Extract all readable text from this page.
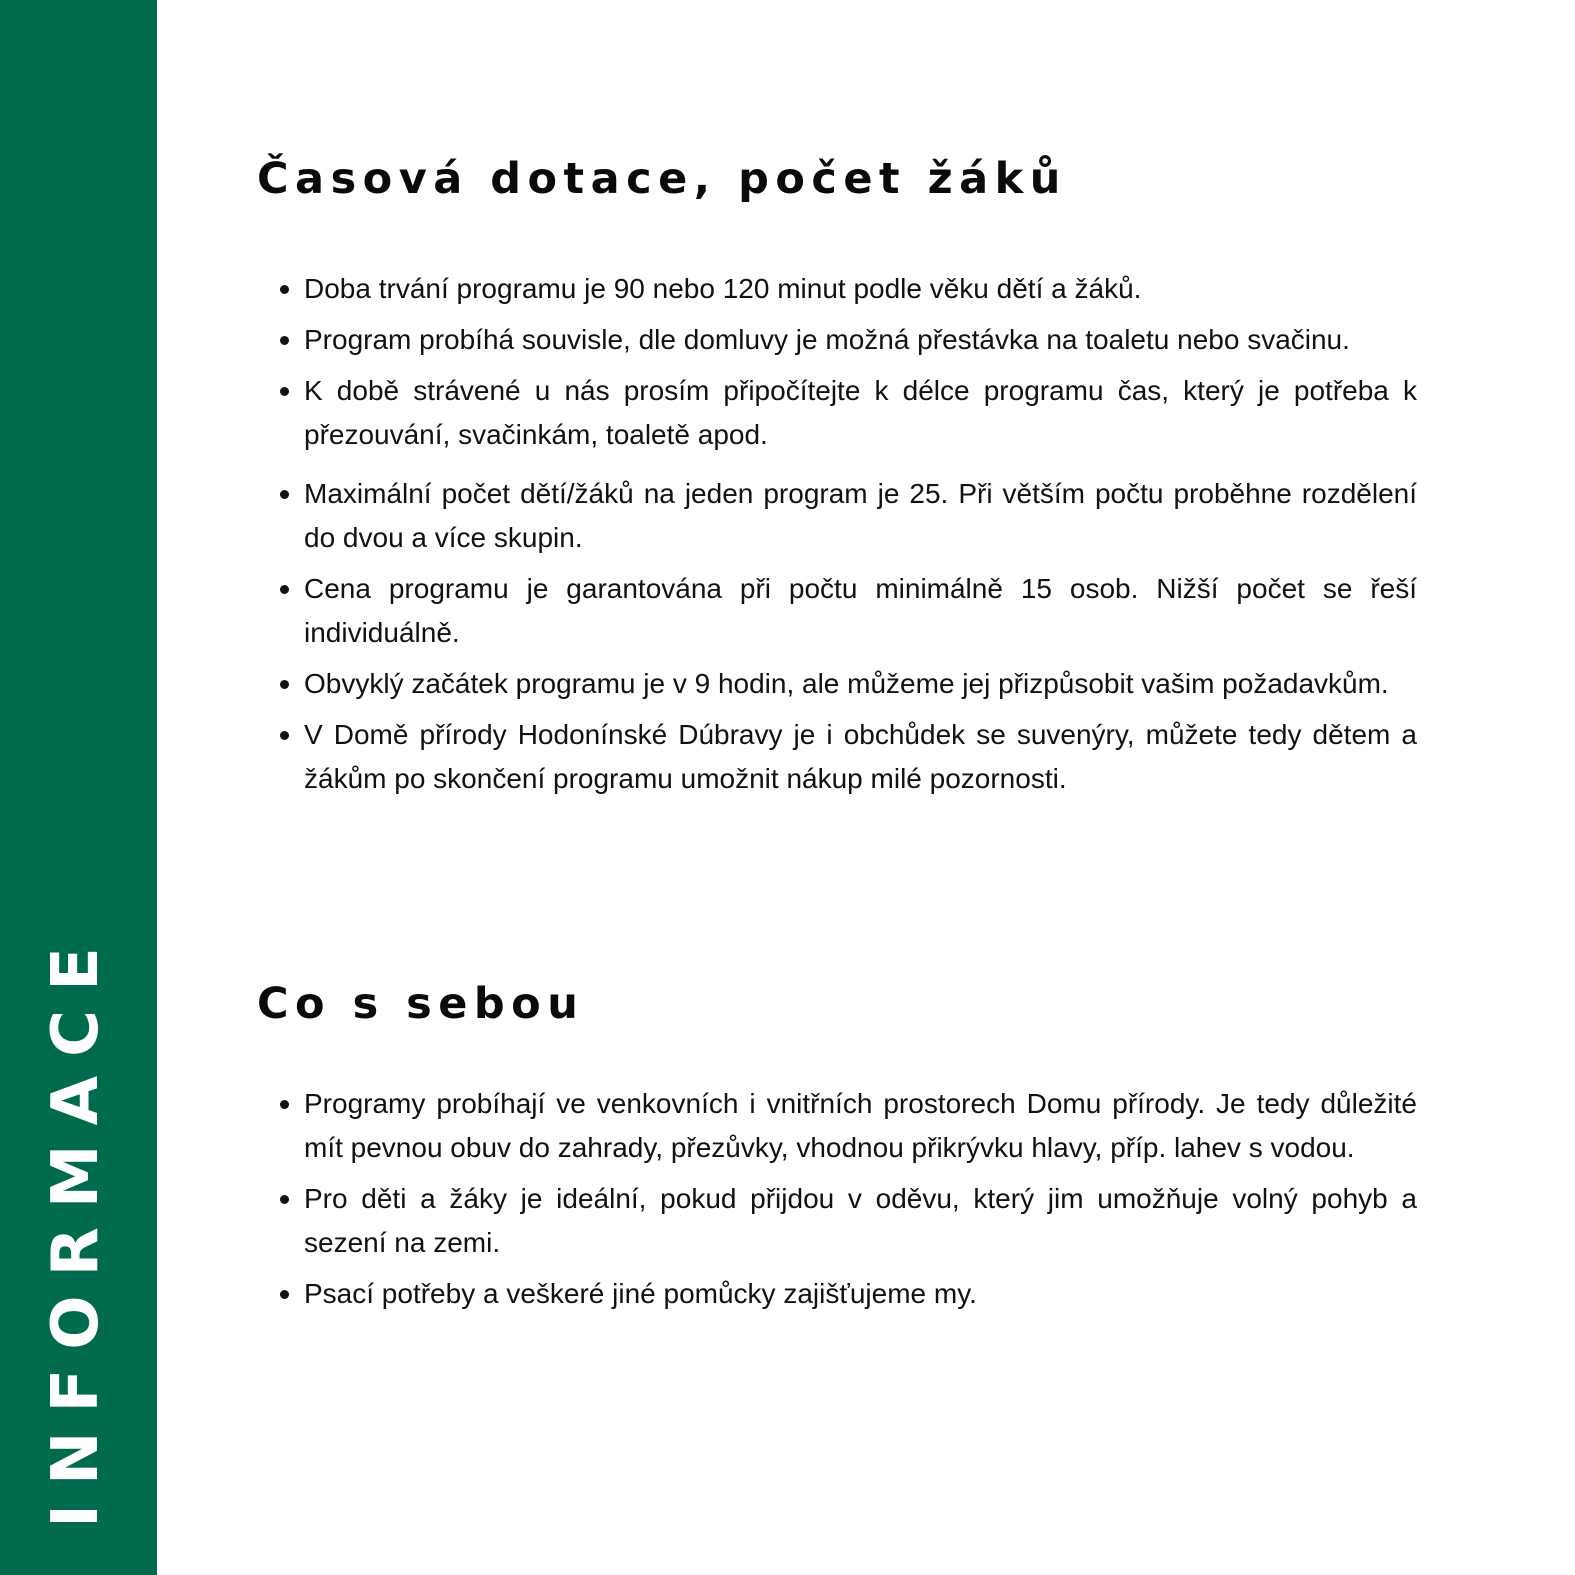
INFORMACE
Časová dotace, počet žáků
Doba trvání programu je 90 nebo 120 minut podle věku dětí a žáků.
Program probíhá souvisle, dle domluvy je možná přestávka na toaletu nebo svačinu.
K době strávené u nás prosím připočítejte k délce programu čas, který je potřeba k přezouvání, svačinkám, toaletě apod.
Maximální počet dětí/žáků na jeden program je 25. Při větším počtu proběhne rozdělení do dvou a více skupin.
Cena programu je garantována při počtu minimálně 15 osob. Nižší počet se řeší individuálně.
Obvyklý začátek programu je v 9 hodin, ale můžeme jej přizpůsobit vašim požadavkům.
V Domě přírody Hodonínské Dúbravy je i obchůdek se suvenýry, můžete tedy dětem a žákům po skončení programu umožnit nákup milé pozornosti.
Co s sebou
Programy probíhají ve venkovních i vnitřních prostorech Domu přírody. Je tedy důležité mít pevnou obuv do zahrady, přezůvky, vhodnou přikrývku hlavy, příp. lahev s vodou.
Pro děti a žáky je ideální, pokud přijdou v oděvu, který jim umožňuje volný pohyb a sezení na zemi.
Psací potřeby a veškeré jiné pomůcky zajišťujeme my.
